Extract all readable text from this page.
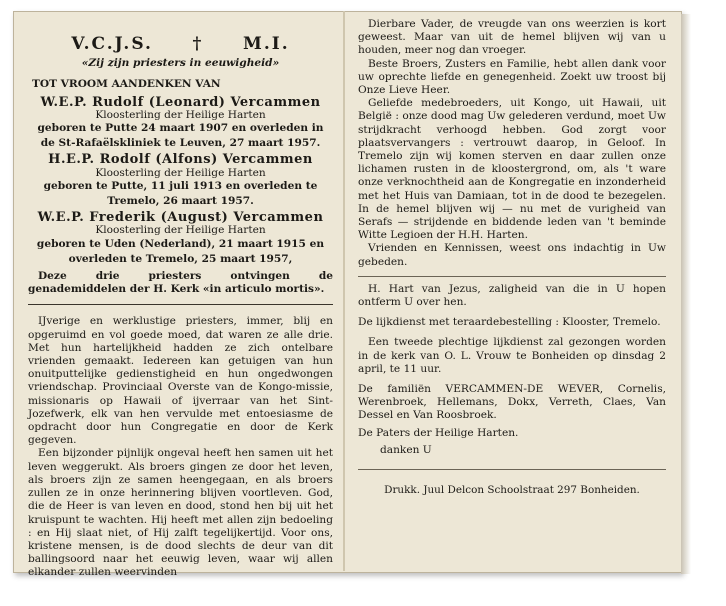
V.C.J.S. † M.I.
«Zij zijn priesters in eeuwigheid»
TOT VROOM AANDENKEN VAN
W.E.P. Rudolf (Leonard) Vercammen
Kloosterling der Heilige Harten
geboren te Putte 24 maart 1907 en overleden in
de St-Rafaëlskliniek te Leuven, 27 maart 1957.
H.E.P. Rodolf (Alfons) Vercammen
Kloosterling der Heilige Harten
geboren te Putte, 11 juli 1913 en overleden te
Tremelo, 26 maart 1957.
W.E.P. Frederik (August) Vercammen
Kloosterling der Heilige Harten
geboren te Uden (Nederland), 21 maart 1915 en
overleden te Tremelo, 25 maart 1957,
Deze drie priesters ontvingen de genademiddelen der H. Kerk «in articulo mortis».
IJverige en werklustige priesters, immer, blij en opgeruimd en vol goede moed, dat waren ze alle drie. Met hun hartelijkheid hadden ze zich ontelbare vrienden gemaakt. Iedereen kan getuigen van hun onuitputtelijke gedienstigheid en hun ongedwongen vriendschap. Provinciaal Overste van de Kongo-missie, missionaris op Hawaii of ijverraar van het Sint-Jozefwerk, elk van hen vervulde met entoesiasme de opdracht door hun Congregatie en door de Kerk gegeven.
Een bijzonder pijnlijk ongeval heeft hen samen uit het leven weggerukt. Als broers gingen ze door het leven, als broers zijn ze samen heengegaan, en als broers zullen ze in onze herinnering blijven voortleven. God, die de Heer is van leven en dood, stond hen bij uit het kruispunt te wachten. Hij heeft met allen zijn bedoeling : en Hij slaat niet, of Hij zalft tegelijkertijd. Voor ons, kristene mensen, is de dood slechts de deur van dit ballingsoord naar het eeuwig leven, waar wij allen elkander zullen weervinden
Dierbare Vader, de vreugde van ons weerzien is kort geweest. Maar van uit de hemel blijven wij van u houden, meer nog dan vroeger.
Beste Broers, Zusters en Familie, hebt allen dank voor uw oprechte liefde en genegenheid. Zoekt uw troost bij Onze Lieve Heer.
Geliefde medebroeders, uit Kongo, uit Hawaii, uit België : onze dood mag Uw gelederen verdund, moet Uw strijdkracht verhoogd hebben. God zorgt voor plaatsvervangers : vertrouwt daarop, in Geloof. In Tremelo zijn wij komen sterven en daar zullen onze lichamen rusten in de kloostergrond, om, als 't ware onze verknochtheid aan de Kongregatie en inzonderheid met het Huis van Damiaan, tot in de dood te bezegelen. In de hemel blijven wij — nu met de vurigheid van Serafs — strijdende en biddende leden van 't beminde Witte Legioen der H.H. Harten.
Vrienden en Kennissen, weest ons indachtig in Uw gebeden.
H. Hart van Jezus, zaligheid van die in U hopen ontferm U over hen.
De lijkdienst met teraardebestelling : Klooster, Tremelo.
Een tweede plechtige lijkdienst zal gezongen worden in de kerk van O. L. Vrouw te Bonheiden op dinsdag 2 april, te 11 uur.
De familiën VERCAMMEN-DE WEVER, Cornelis, Werenbroek, Hellemans, Dokx, Verreth, Claes, Van Dessel en Van Roosbroek.
De Paters der Heilige Harten.
danken U
Drukk. Juul Delcon Schoolstraat 297 Bonheiden.
